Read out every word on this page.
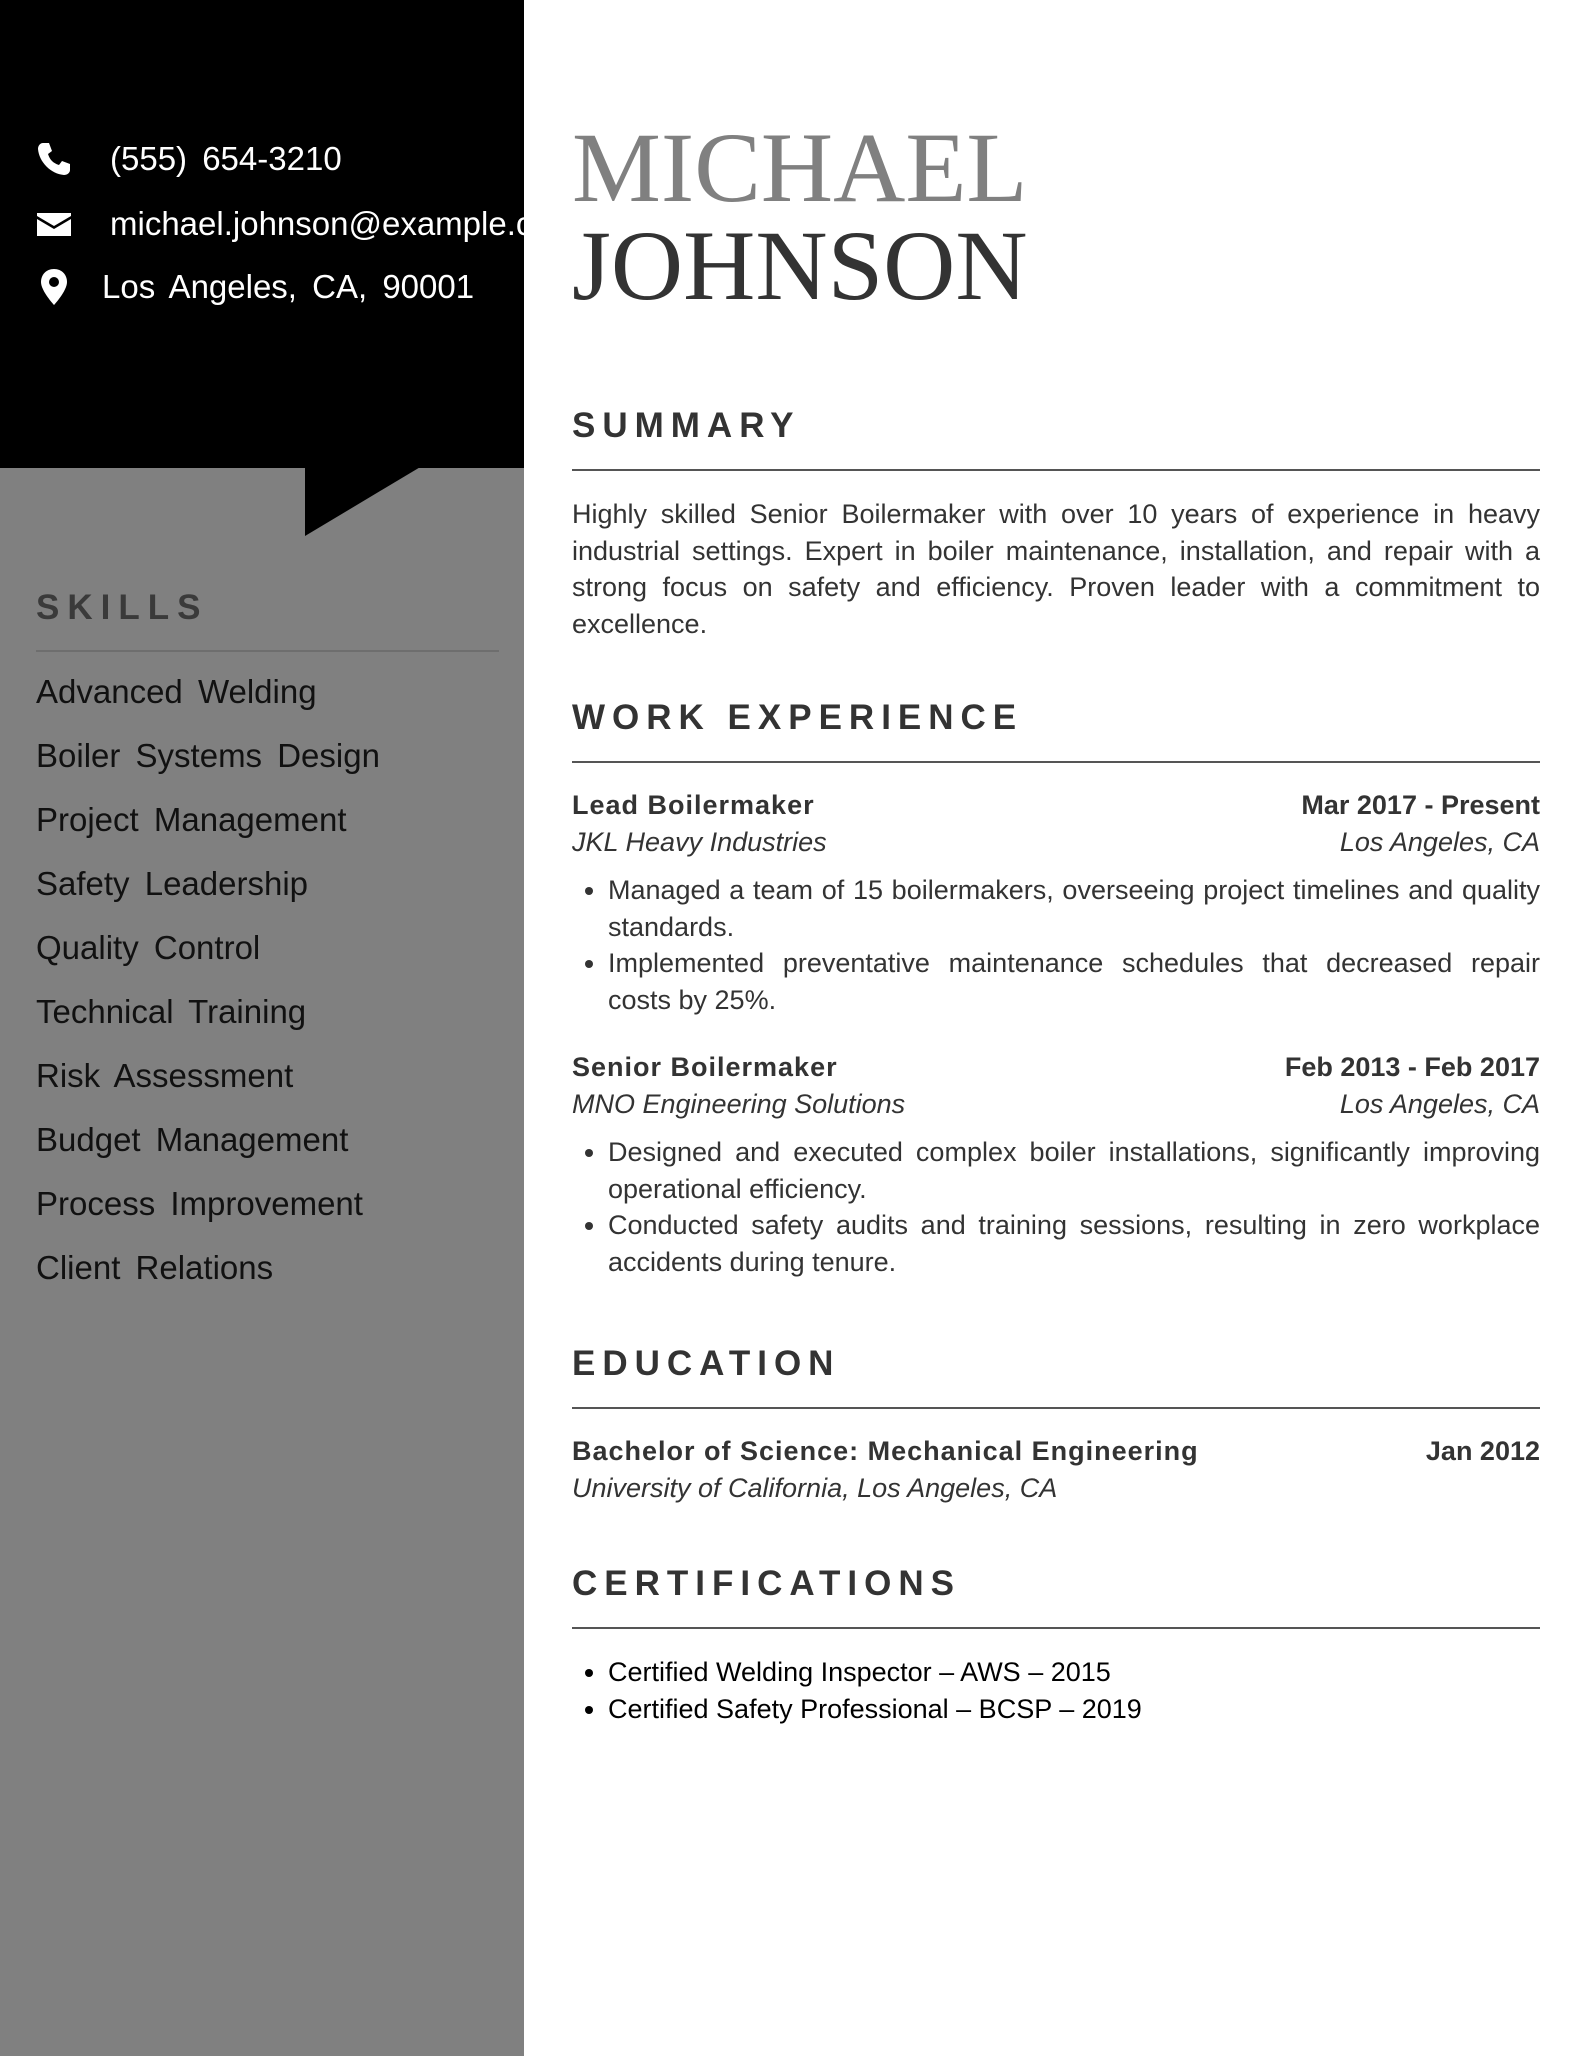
(555) 654-3210
michael.johnson@example.com
Los Angeles, CA, 90001
SKILLS
Advanced Welding
Boiler Systems Design
Project Management
Safety Leadership
Quality Control
Technical Training
Risk Assessment
Budget Management
Process Improvement
Client Relations
MICHAEL
JOHNSON
SUMMARY
Highly skilled Senior Boilermaker with over 10 years of experience in heavy industrial settings. Expert in boiler maintenance, installation, and repair with a strong focus on safety and efficiency. Proven leader with a commitment to excellence.
WORK EXPERIENCE
Lead Boilermaker	Mar 2017 - Present
JKL Heavy Industries	Los Angeles, CA
• Managed a team of 15 boilermakers, overseeing project timelines and quality standards.
• Implemented preventative maintenance schedules that decreased repair costs by 25%.
Senior Boilermaker	Feb 2013 - Feb 2017
MNO Engineering Solutions	Los Angeles, CA
• Designed and executed complex boiler installations, significantly improving operational efficiency.
• Conducted safety audits and training sessions, resulting in zero workplace accidents during tenure.
EDUCATION
Bachelor of Science: Mechanical Engineering	Jan 2012
University of California, Los Angeles, CA
CERTIFICATIONS
• Certified Welding Inspector – AWS – 2015
• Certified Safety Professional – BCSP – 2019
